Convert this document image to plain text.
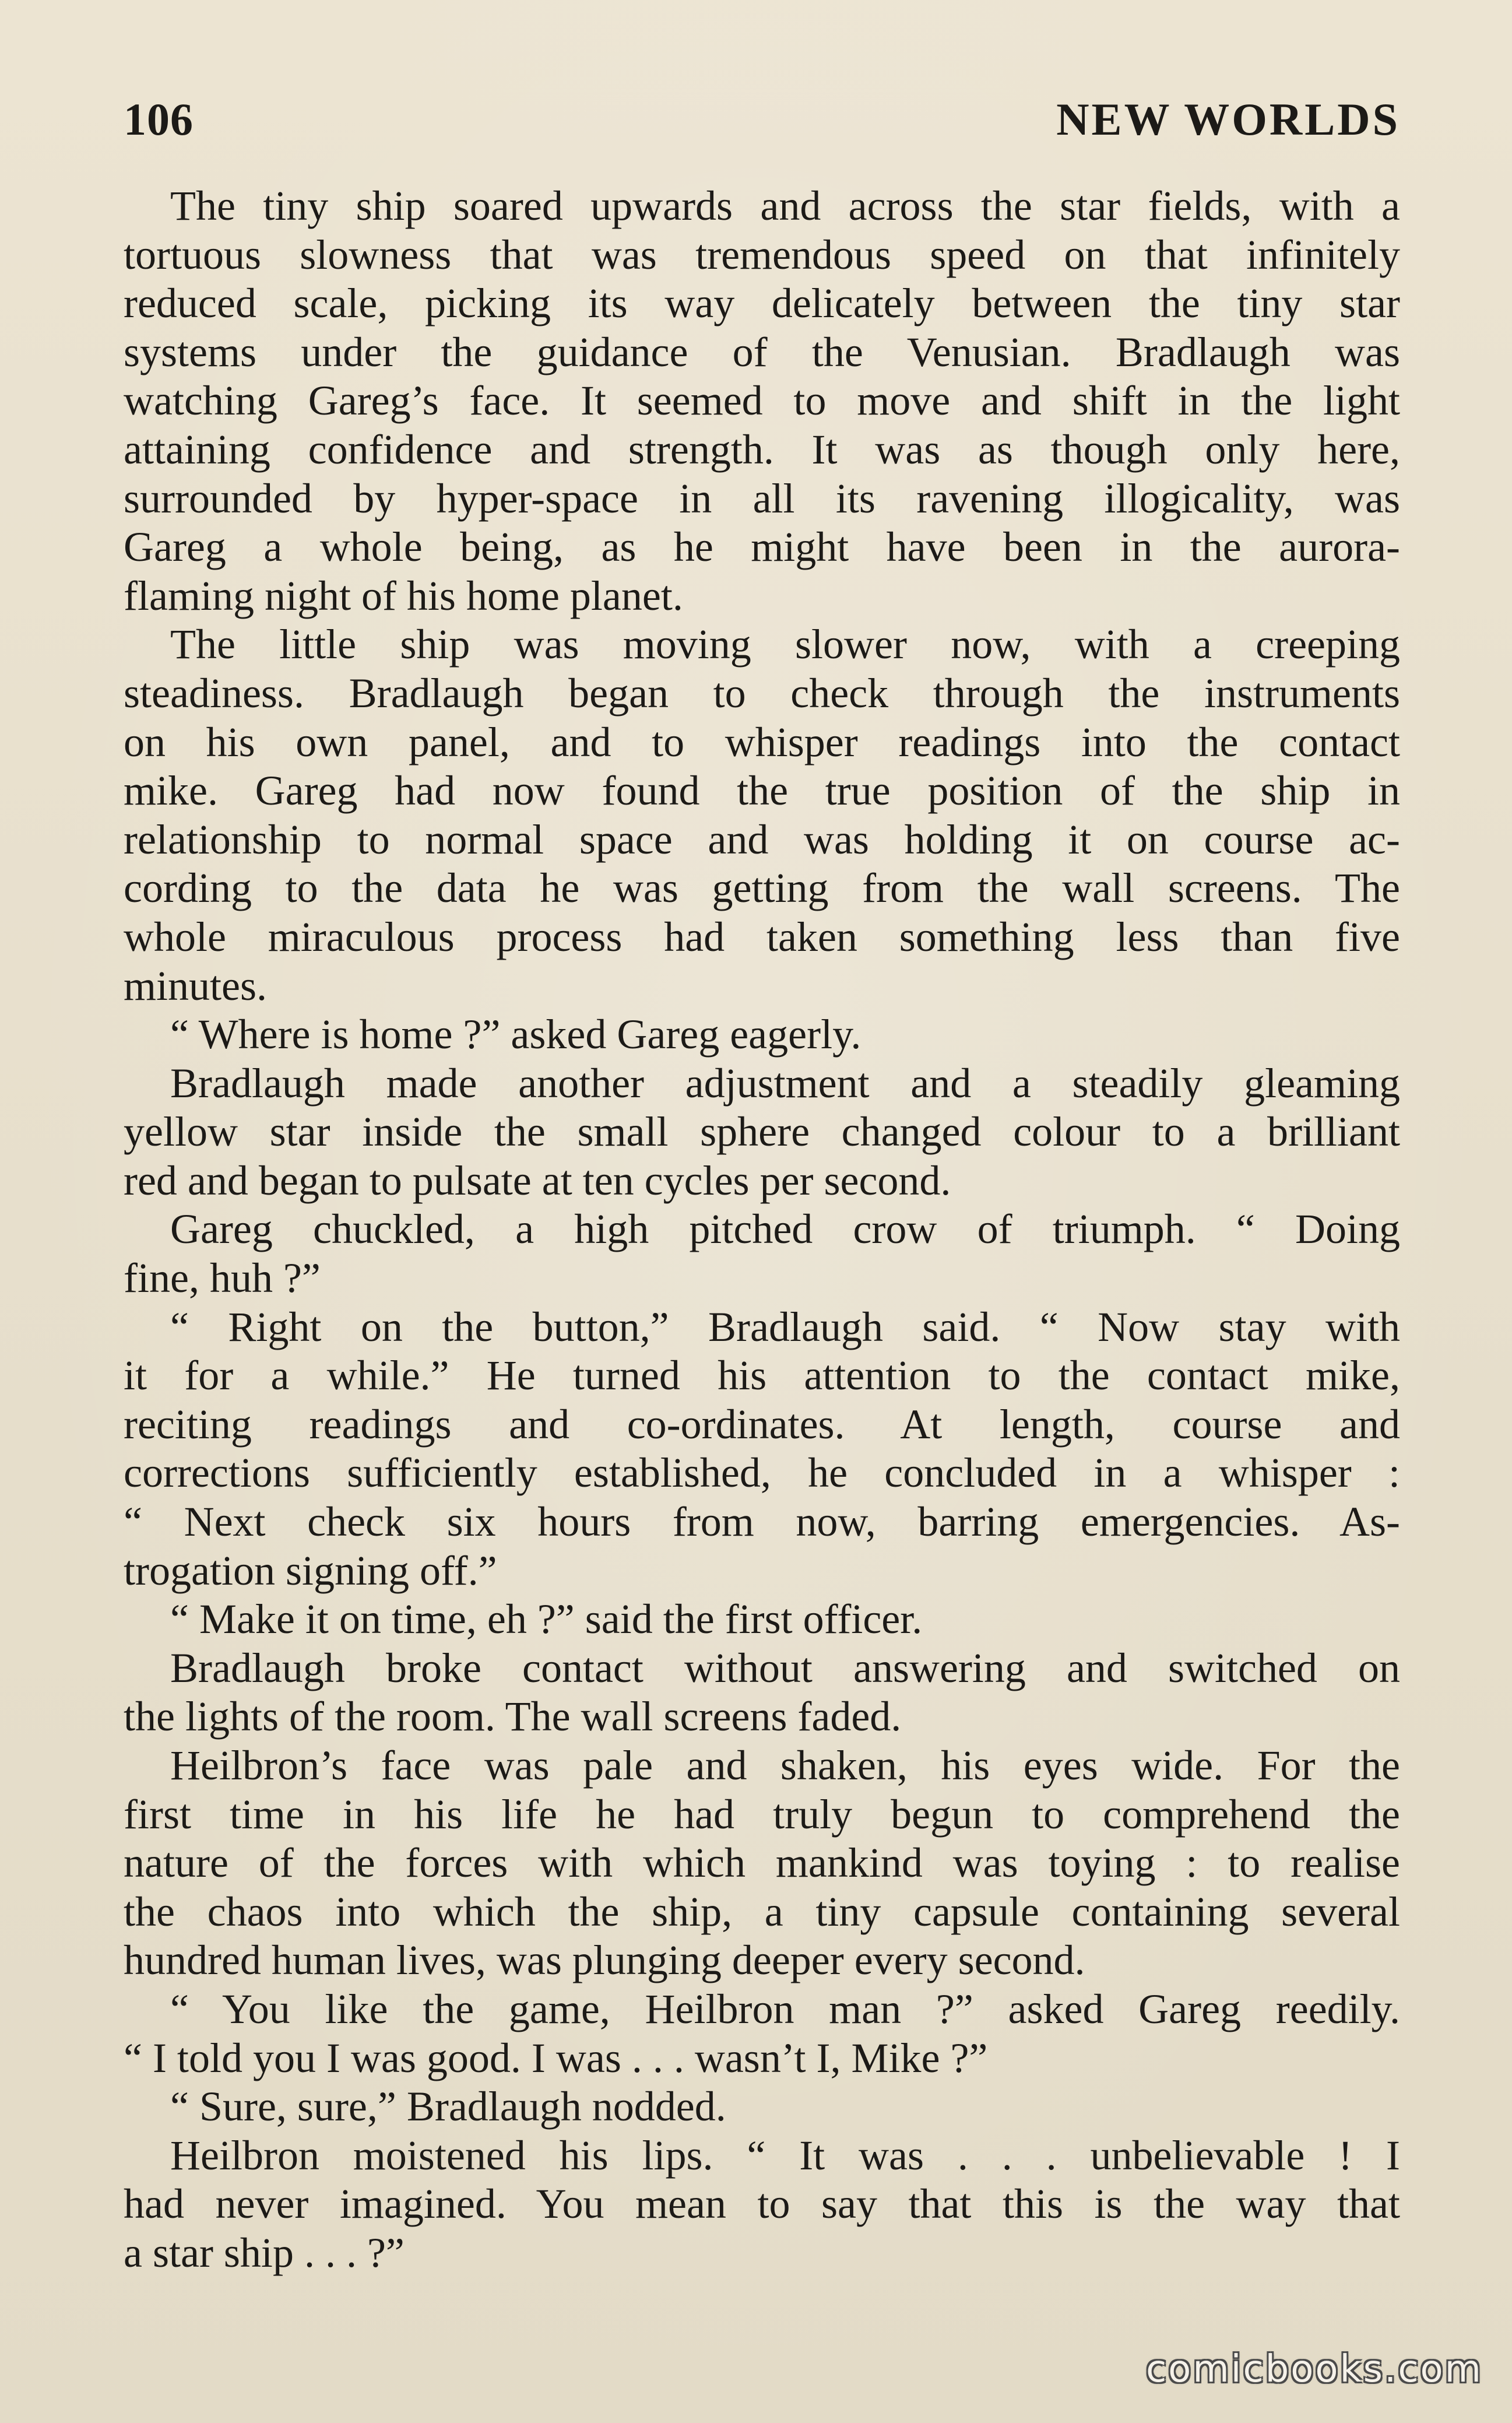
106	NEW WORLDS
The tiny ship soared upwards and across the star fields, with a
tortuous slowness that was tremendous speed on that infinitely
reduced scale, picking its way delicately between the tiny star
systems under the guidance of the Venusian. Bradlaugh was
watching Gareg’s face. It seemed to move and shift in the light
attaining confidence and strength. It was as though only here,
surrounded by hyper-space in all its ravening illogicality, was
Gareg a whole being, as he might have been in the aurora-
flaming night of his home planet.
The little ship was moving slower now, with a creeping
steadiness. Bradlaugh began to check through the instruments
on his own panel, and to whisper readings into the contact
mike. Gareg had now found the true position of the ship in
relationship to normal space and was holding it on course ac-
cording to the data he was getting from the wall screens. The
whole miraculous process had taken something less than five
minutes.
“ Where is home ?” asked Gareg eagerly.
Bradlaugh made another adjustment and a steadily gleaming
yellow star inside the small sphere changed colour to a brilliant
red and began to pulsate at ten cycles per second.
Gareg chuckled, a high pitched crow of triumph. “ Doing
fine, huh ?”
“ Right on the button,” Bradlaugh said. “ Now stay with
it for a while.” He turned his attention to the contact mike,
reciting readings and co-ordinates. At length, course and
corrections sufficiently established, he concluded in a whisper :
“ Next check six hours from now, barring emergencies. As-
trogation signing off.”
“ Make it on time, eh ?” said the first officer.
Bradlaugh broke contact without answering and switched on
the lights of the room. The wall screens faded.
Heilbron’s face was pale and shaken, his eyes wide. For the
first time in his life he had truly begun to comprehend the
nature of the forces with which mankind was toying : to realise
the chaos into which the ship, a tiny capsule containing several
hundred human lives, was plunging deeper every second.
“ You like the game, Heilbron man ?” asked Gareg reedily.
“ I told you I was good. I was . . . wasn’t I, Mike ?”
“ Sure, sure,” Bradlaugh nodded.
Heilbron moistened his lips. “ It was . . . unbelievable ! I
had never imagined. You mean to say that this is the way that
a star ship . . . ?”
comicbooks.com
